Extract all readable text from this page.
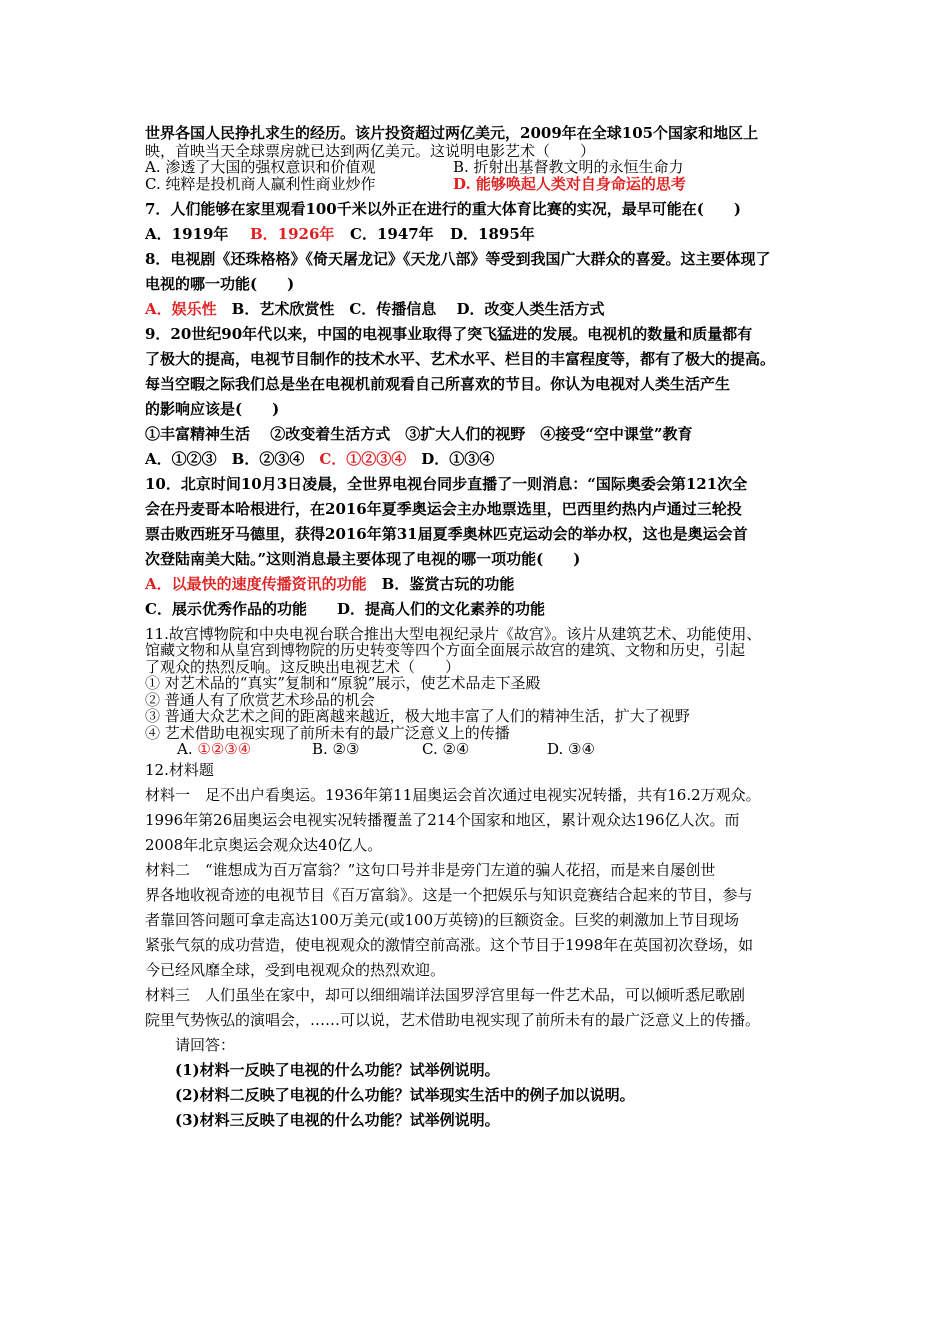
世界各国人民挣扎求生的经历。该片投资超过两亿美元，2009年在全球105个国家和地区上
映，首映当天全球票房就已达到两亿美元。这说明电影艺术（　　）
A. 渗透了大国的强权意识和价值观	B. 折射出基督教文明的永恒生命力
C. 纯粹是投机商人赢利性商业炒作	D. 能够唤起人类对自身命运的思考
7．人们能够在家里观看100千米以外正在进行的重大体育比赛的实况，最早可能在(　　)
A．1919年 B．1926年 C．1947年 D．1895年
8．电视剧《还珠格格》《倚天屠龙记》《天龙八部》等受到我国广大群众的喜爱。这主要体现了
电视的哪一功能(　　)
A．娱乐性　B．艺术欣赏性　C．传播信息　 D．改变人类生活方式
9．20世纪90年代以来，中国的电视事业取得了突飞猛进的发展。电视机的数量和质量都有
了极大的提高，电视节目制作的技术水平、艺术水平、栏目的丰富程度等，都有了极大的提高。
每当空暇之际我们总是坐在电视机前观看自己所喜欢的节目。你认为电视对人类生活产生
的影响应该是(　　)
①丰富精神生活　 ②改变着生活方式　③扩大人们的视野　④接受“空中课堂”教育
A．①②③　B．②③④　C．①②③④　D．①③④
10．北京时间10月3日凌晨，全世界电视台同步直播了一则消息：“国际奥委会第121次全
会在丹麦哥本哈根进行，在2016年夏季奥运会主办地票选里，巴西里约热内卢通过三轮投
票击败西班牙马德里，获得2016年第31届夏季奥林匹克运动会的举办权，这也是奥运会首
次登陆南美大陆。”这则消息最主要体现了电视的哪一项功能(　　)
A．以最快的速度传播资讯的功能　B．鉴赏古玩的功能
C．展示优秀作品的功能　　D．提高人们的文化素养的功能
11.故宫博物院和中央电视台联合推出大型电视纪录片《故宫》。该片从建筑艺术、功能使用、
馆藏文物和从皇宫到博物院的历史转变等四个方面全面展示故宫的建筑、文物和历史，引起
了观众的热烈反响。这反映出电视艺术（　　）
① 对艺术品的“真实”复制和“原貌”展示，使艺术品走下圣殿
② 普通人有了欣赏艺术珍品的机会
③ 普通大众艺术之间的距离越来越近，极大地丰富了人们的精神生活，扩大了视野
④ 艺术借助电视实现了前所未有的最广泛意义上的传播
A. ①②③④	B. ②③	C. ②④	D. ③④
12.材料题
材料一　足不出户看奥运。1936年第11届奥运会首次通过电视实况转播，共有16.2万观众。
1996年第26届奥运会电视实况转播覆盖了214个国家和地区，累计观众达196亿人次。而
2008年北京奥运会观众达40亿人。
材料二　“谁想成为百万富翁？”这句口号并非是旁门左道的骗人花招，而是来自屡创世
界各地收视奇迹的电视节目《百万富翁》。这是一个把娱乐与知识竞赛结合起来的节目，参与
者靠回答问题可拿走高达100万美元(或100万英镑)的巨额资金。巨奖的刺激加上节目现场
紧张气氛的成功营造，使电视观众的激情空前高涨。这个节目于1998年在英国初次登场，如
今已经风靡全球，受到电视观众的热烈欢迎。
材料三　人们虽坐在家中，却可以细细端详法国罗浮宫里每一件艺术品，可以倾听悉尼歌剧
院里气势恢弘的演唱会，……可以说，艺术借助电视实现了前所未有的最广泛意义上的传播。
请回答：
(1)材料一反映了电视的什么功能？试举例说明。
(2)材料二反映了电视的什么功能？试举现实生活中的例子加以说明。
(3)材料三反映了电视的什么功能？试举例说明。
